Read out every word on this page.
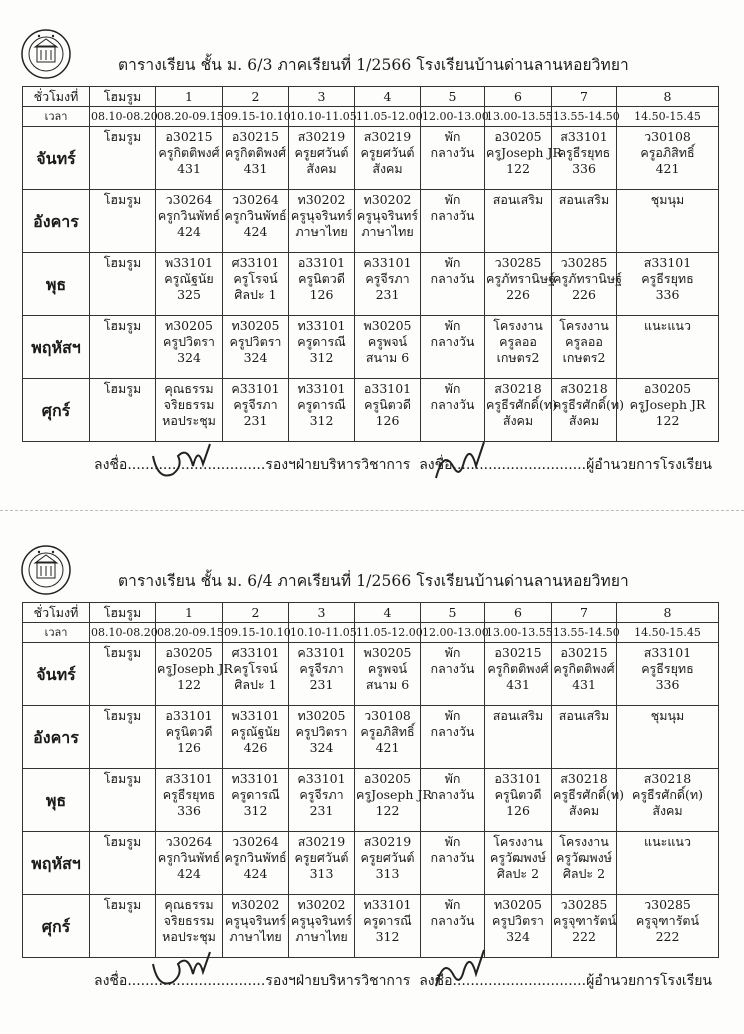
ตารางเรียน ชั้น ม. 6/3 ภาคเรียนที่ 1/2566 โรงเรียนบ้านด่านลานหอยวิทยา
ชั่วโมงที่	โฮมรูม	1	2	3	4	5	6	7	8
เวลา	08.10-08.20	08.20-09.15	09.15-10.10	10.10-11.05	11.05-12.00	12.00-13.00	13.00-13.55	13.55-14.50	14.50-15.45
จันทร์	โฮมรูม	อ30215
ครูกิตติพงศ์
431	อ30215
ครูกิตติพงศ์
431	ส30219
ครูยศวันต์
สังคม	ส30219
ครูยศวันต์
สังคม	พัก
กลางวัน	อ30205
ครูJoseph JR
122	ส33101
ครูธีรยุทธ
336	ว30108
ครูอภิสิทธิ์
421

อังคาร	โฮมรูม	ว30264
ครูกวินพัทธ์
424	ว30264
ครูกวินพัทธ์
424	ท30202
ครูนุจรินทร์
ภาษาไทย	ท30202
ครูนุจรินทร์
ภาษาไทย	พัก
กลางวัน	สอนเสริม	สอนเสริม	ชุมนุม

พุธ	โฮมรูม	พ33101
ครูณัฐนัย
325	ศ33101
ครูโรจน์
ศิลปะ 1	อ33101
ครูนิตวดี
126	ค33101
ครูจีรภา
231	พัก
กลางวัน	ว30285
ครูภัทรานิษฐ์
226	ว30285
ครูภัทรานิษฐ์
226	ส33101
ครูธีรยุทธ
336

พฤหัสฯ	โฮมรูม	ท30205
ครูปวิตรา
324	ท30205
ครูปวิตรา
324	ท33101
ครูดารณี
312	พ30205
ครูพจน์
สนาม 6	พัก
กลางวัน	โครงงาน
ครูลออ
เกษตร2	โครงงาน
ครูลออ
เกษตร2	แนะแนว

ศุกร์	โฮมรูม	คุณธรรม
จริยธรรม
หอประชุม	ค33101
ครูจีรภา
231	ท33101
ครูดารณี
312	อ33101
ครูนิตวดี
126	พัก
กลางวัน	ส30218
ครูธีรศักดิ์(ท)
สังคม	ส30218
ครูธีรศักดิ์(ท)
สังคม	อ30205
ครูJoseph JR
122
ลงชื่อ...............................รองฯฝ่ายบริหารวิชาการ ลงชื่อ..............................ผู้อำนวยการโรงเรียน
ตารางเรียน ชั้น ม. 6/4 ภาคเรียนที่ 1/2566 โรงเรียนบ้านด่านลานหอยวิทยา
ชั่วโมงที่	โฮมรูม	1	2	3	4	5	6	7	8
เวลา	08.10-08.20	08.20-09.15	09.15-10.10	10.10-11.05	11.05-12.00	12.00-13.00	13.00-13.55	13.55-14.50	14.50-15.45
จันทร์	โฮมรูม	อ30205
ครูJoseph JR
122	ศ33101
ครูโรจน์
ศิลปะ 1	ค33101
ครูจีรภา
231	พ30205
ครูพจน์
สนาม 6	พัก
กลางวัน	อ30215
ครูกิตติพงศ์
431	อ30215
ครูกิตติพงศ์
431	ส33101
ครูธีรยุทธ
336

อังคาร	โฮมรูม	อ33101
ครูนิตวดี
126	พ33101
ครูณัฐนัย
426	ท30205
ครูปวิตรา
324	ว30108
ครูอภิสิทธิ์
421	พัก
กลางวัน	สอนเสริม	สอนเสริม	ชุมนุม

พุธ	โฮมรูม	ส33101
ครูธีรยุทธ
336	ท33101
ครูดารณี
312	ค33101
ครูจีรภา
231	อ30205
ครูJoseph JR
122	พัก
กลางวัน	อ33101
ครูนิตวดี
126	ส30218
ครูธีรศักดิ์(ท)
สังคม	ส30218
ครูธีรศักดิ์(ท)
สังคม

พฤหัสฯ	โฮมรูม	ว30264
ครูกวินพัทธ์
424	ว30264
ครูกวินพัทธ์
424	ส30219
ครูยศวันต์
313	ส30219
ครูยศวันต์
313	พัก
กลางวัน	โครงงาน
ครูวัฒพงษ์
ศิลปะ 2	โครงงาน
ครูวัฒพงษ์
ศิลปะ 2	แนะแนว

ศุกร์	โฮมรูม	คุณธรรม
จริยธรรม
หอประชุม	ท30202
ครูนุจรินทร์
ภาษาไทย	ท30202
ครูนุจรินทร์
ภาษาไทย	ท33101
ครูดารณี
312	พัก
กลางวัน	ท30205
ครูปวิตรา
324	ว30285
ครูจุฑารัตน์
222	ว30285
ครูจุฑารัตน์
222
ลงชื่อ...............................รองฯฝ่ายบริหารวิชาการ ลงชื่อ..............................ผู้อำนวยการโรงเรียน
